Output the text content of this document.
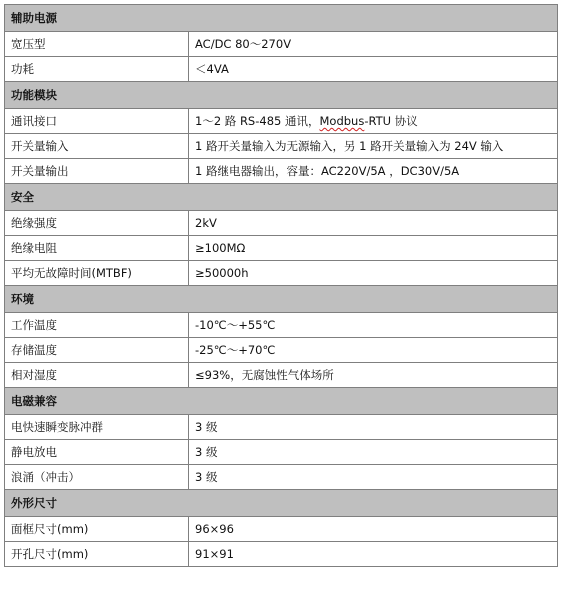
辅助电源	
宽压型	AC/DC 80～270V
功耗	＜4VA
功能模块	
通讯接口	1～2 路 RS-485 通讯，Modbus-RTU 协议
开关量输入	1 路开关量输入为无源输入，另 1 路开关量输入为 24V 输入
开关量输出	1 路继电器输出，容量：AC220V/5A ，DC30V/5A
安全	
绝缘强度	2kV
绝缘电阻	≥100MΩ
平均无故障时间(MTBF)	≥50000h
环境	
工作温度	-10℃～+55℃
存储温度	-25℃～+70℃
相对湿度	≤93%，无腐蚀性气体场所
电磁兼容	
电快速瞬变脉冲群	3 级
静电放电	3 级
浪涌（冲击）	3 级
外形尺寸	
面框尺寸(mm)	96×96
开孔尺寸(mm)	91×91
